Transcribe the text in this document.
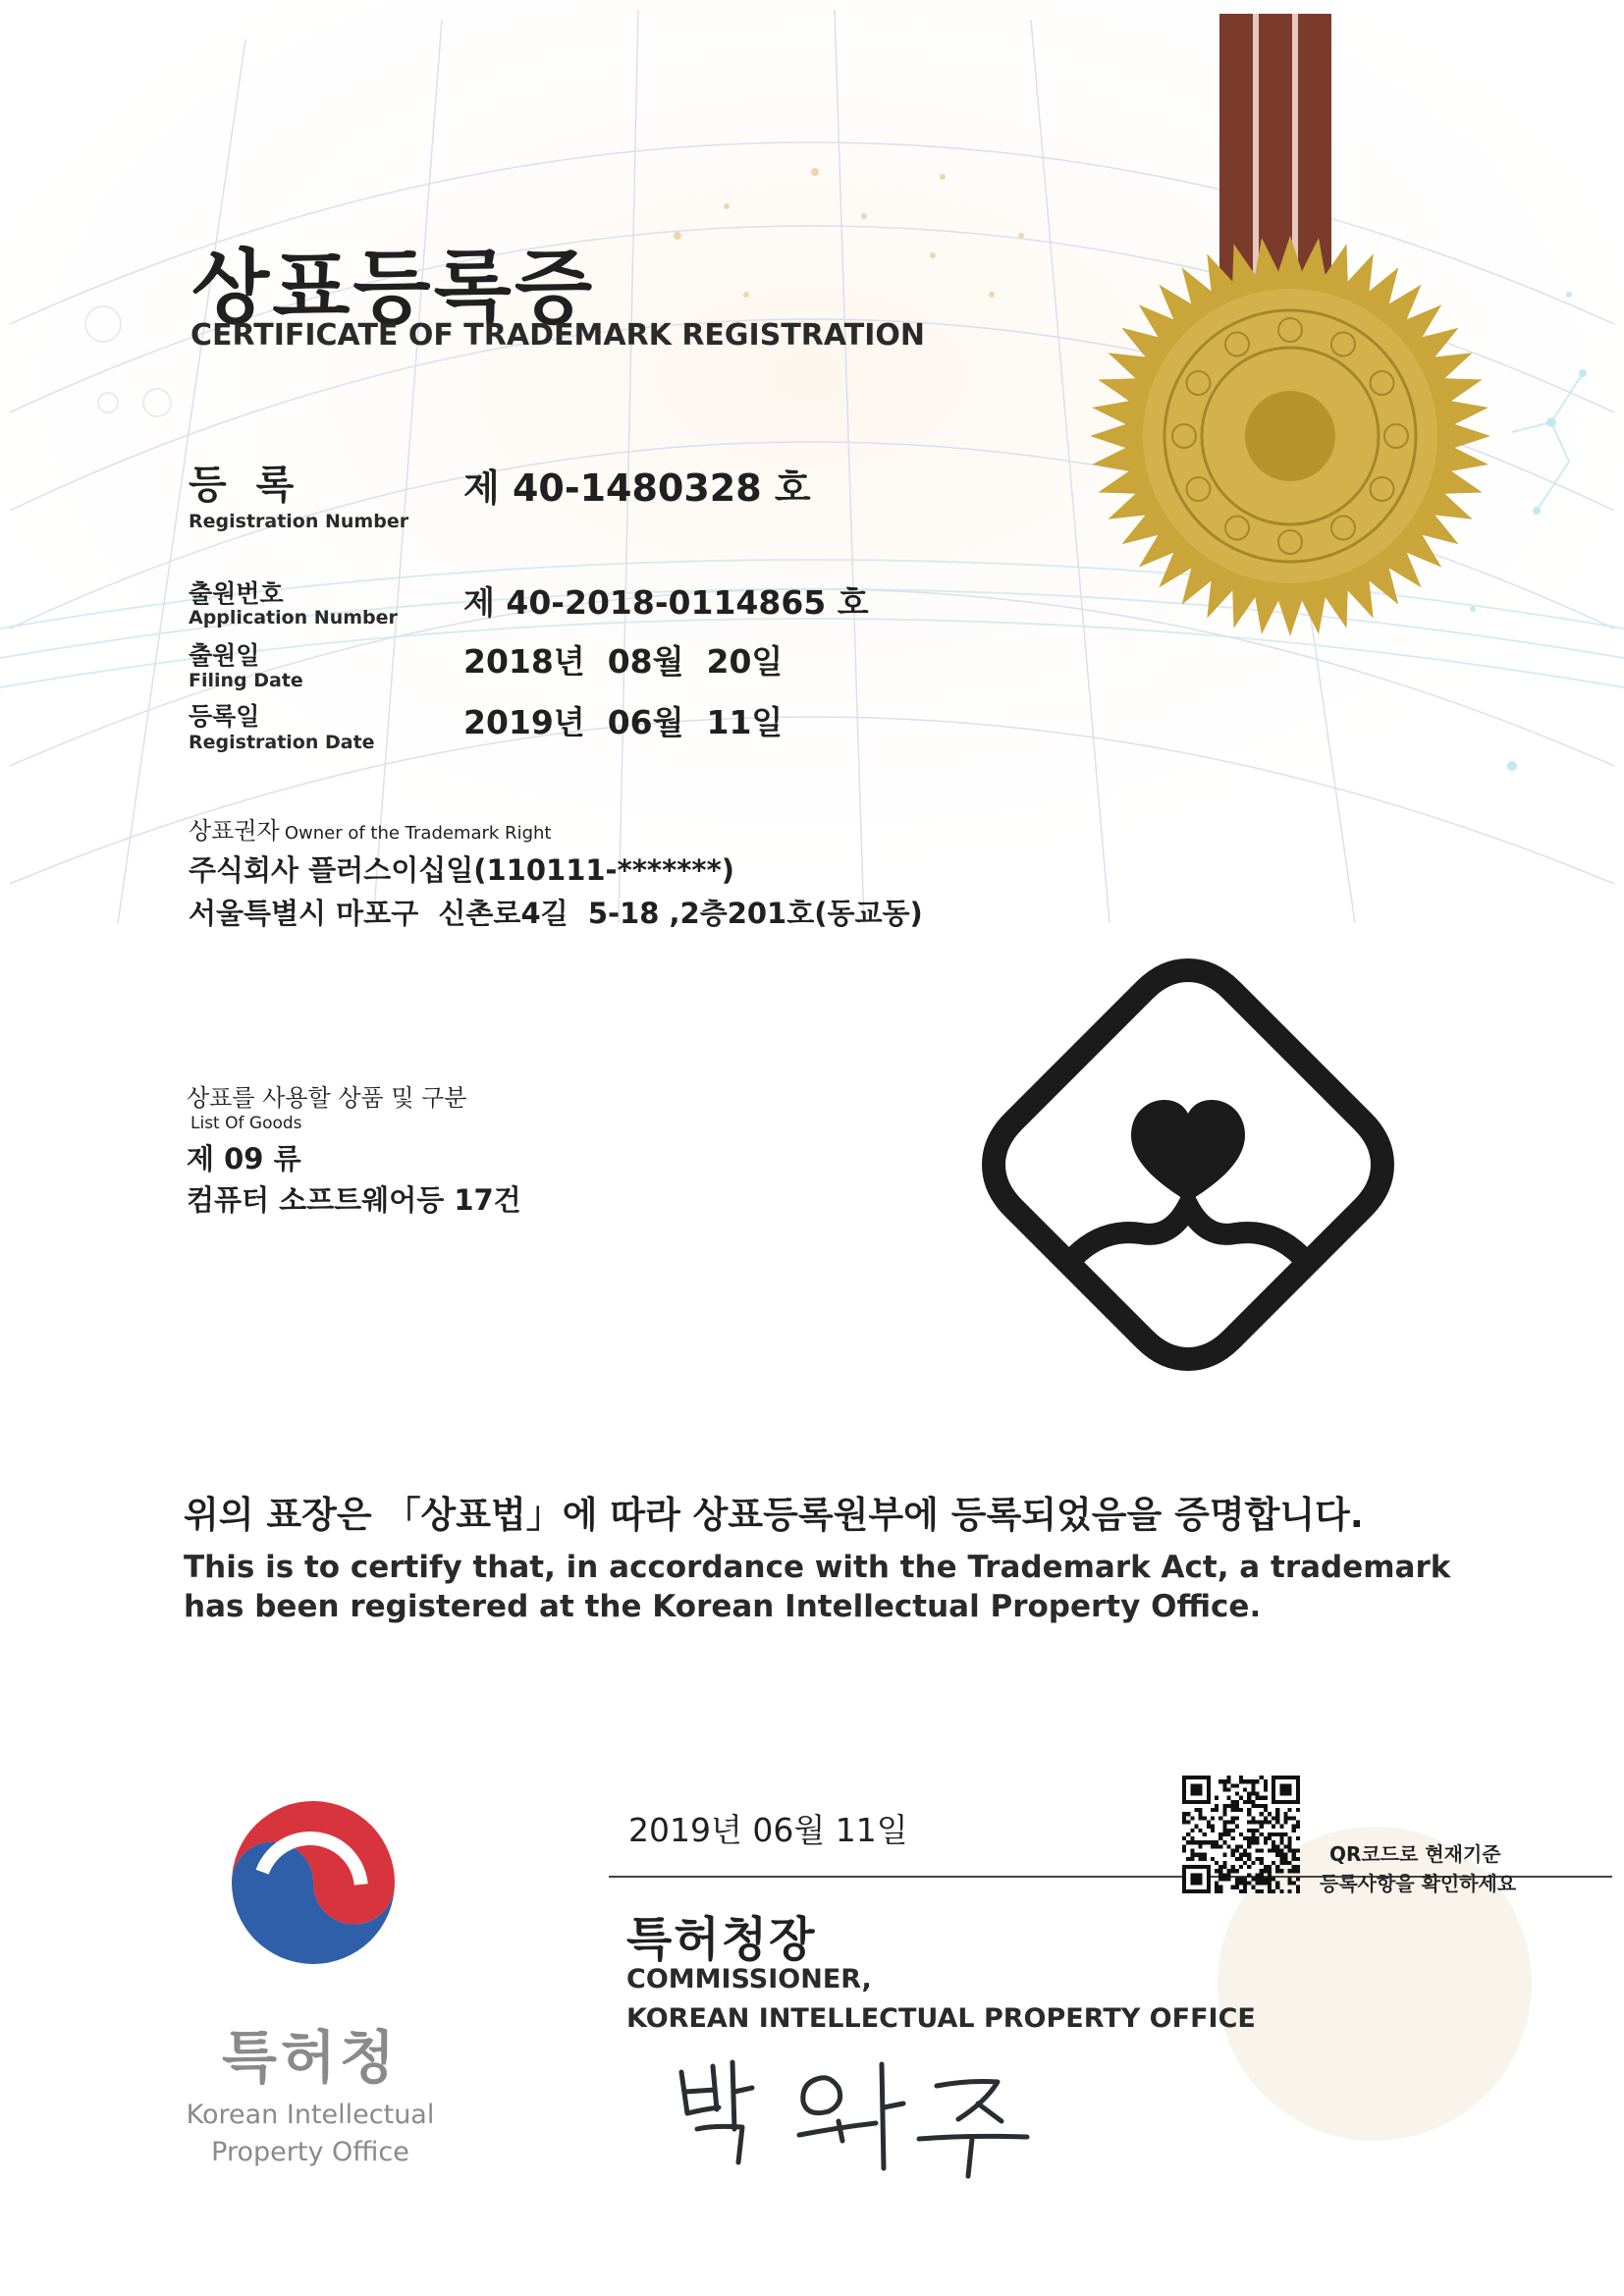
상표등록증
CERTIFICATE OF TRADEMARK REGISTRATION
등 록
Registration Number
제 40-1480328 호
출원번호
Application Number 제 40-2018-0114865 호
출원일
Filing Date	2018년  08월  20일
등록일
Registration Date
2019년  06월  11일
상표권자 Owner of the Trademark Right
주식회사 플러스이십일(110111-*******)
서울특별시 마포구  신촌로4길  5-18 ,2층201호(동교동)
상표를 사용할 상품 및 구분
List Of Goods
제 09 류
컴퓨터 소프트웨어등 17건
위의 표장은 「상표법」에 따라 상표등록원부에 등록되었음을 증명합니다.
This is to certify that, in accordance with the Trademark Act, a trademark
has been registered at the Korean Intellectual Property Office.
특허청
Korean Intellectual
Property Office
2019년 06월 11일
QR코드로 현재기준
등록사항을 확인하세요
특허청장
COMMISSIONER,
KOREAN INTELLECTUAL PROPERTY OFFICE
